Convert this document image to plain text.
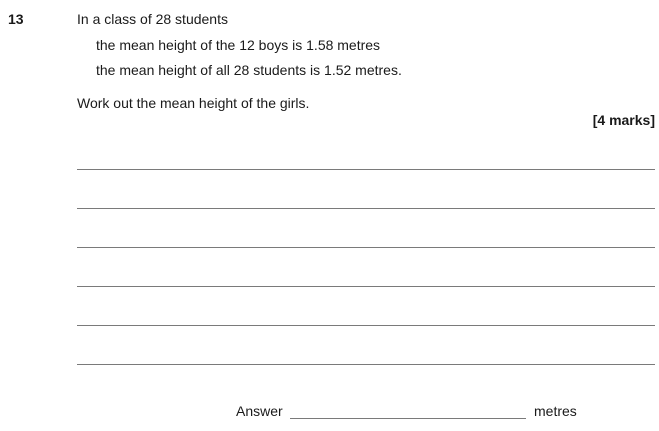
13	In a class of 28 students
the mean height of the 12 boys is 1.58 metres
the mean height of all 28 students is 1.52 metres.
Work out the mean height of the girls.
[4 marks]
Answer	metres
